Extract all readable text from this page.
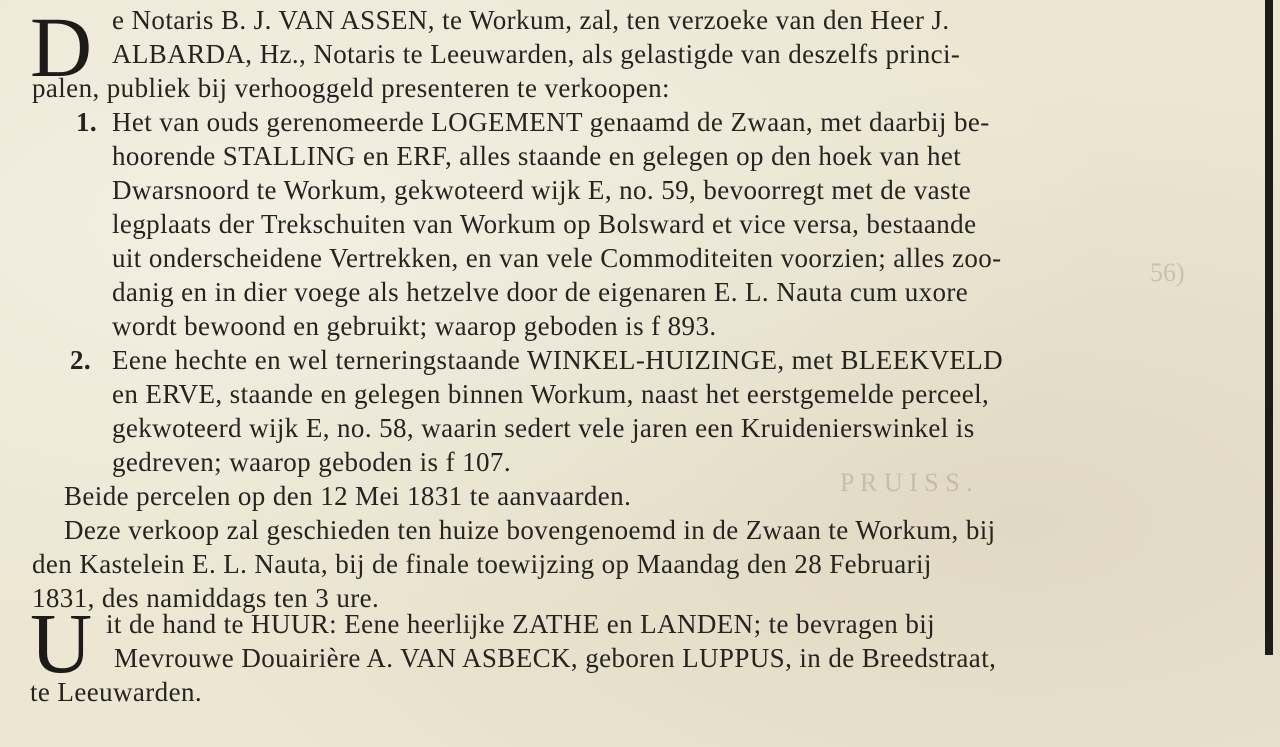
56)
P R U I S S .
D e Notaris B. J. VAN ASSEN, te Workum, zal, ten verzoeke van den Heer J.
ALBARDA, Hz., Notaris te Leeuwarden, als gelastigde van deszelfs princi-
palen, publiek bij verhooggeld presenteren te verkoopen:
1. Het van ouds gerenomeerde LOGEMENT genaamd de Zwaan, met daarbij be-
hoorende STALLING en ERF, alles staande en gelegen op den hoek van het
Dwarsnoord te Workum, gekwoteerd wijk E, no. 59, bevoorregt met de vaste
legplaats der Trekschuiten van Workum op Bolsward et vice versa, bestaande
uit onderscheidene Vertrekken, en van vele Commoditeiten voorzien; alles zoo-
danig en in dier voege als hetzelve door de eigenaren E. L. Nauta cum uxore
wordt bewoond en gebruikt; waarop geboden is f 893.
2. Eene hechte en wel terneringstaande WINKEL-HUIZINGE, met BLEEKVELD
en ERVE, staande en gelegen binnen Workum, naast het eerstgemelde perceel,
gekwoteerd wijk E, no. 58, waarin sedert vele jaren een Kruidenierswinkel is
gedreven; waarop geboden is f 107.
Beide percelen op den 12 Mei 1831 te aanvaarden.
Deze verkoop zal geschieden ten huize bovengenoemd in de Zwaan te Workum, bij
den Kastelein E. L. Nauta, bij de finale toewijzing op Maandag den 28 Februarij
1831, des namiddags ten 3 ure.
U it de hand te HUUR: Eene heerlijke ZATHE en LANDEN; te bevragen bij
Mevrouwe Douairière A. VAN ASBECK, geboren LUPPUS, in de Breedstraat,
te Leeuwarden.
